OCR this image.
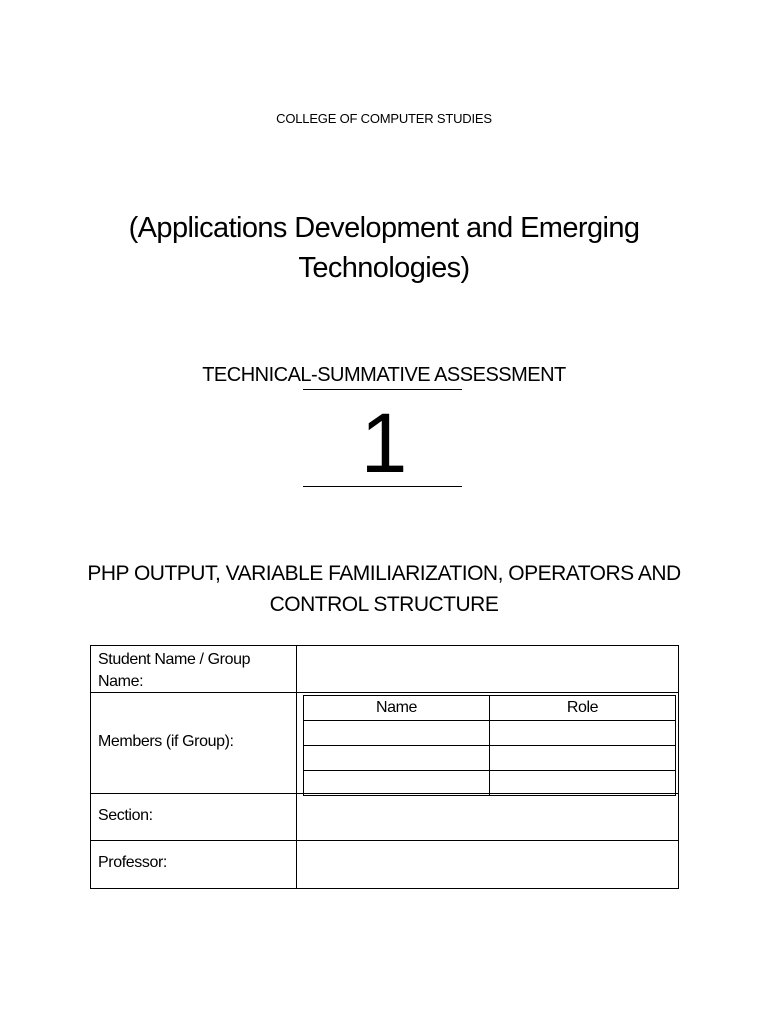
COLLEGE OF COMPUTER STUDIES
(Applications Development and Emerging Technologies)
TECHNICAL-SUMMATIVE ASSESSMENT
1
PHP OUTPUT, VARIABLE FAMILIARIZATION, OPERATORS AND CONTROL STRUCTURE
Student Name / Group Name:
Members (if Group):
Name	Role

Section:
Professor:
